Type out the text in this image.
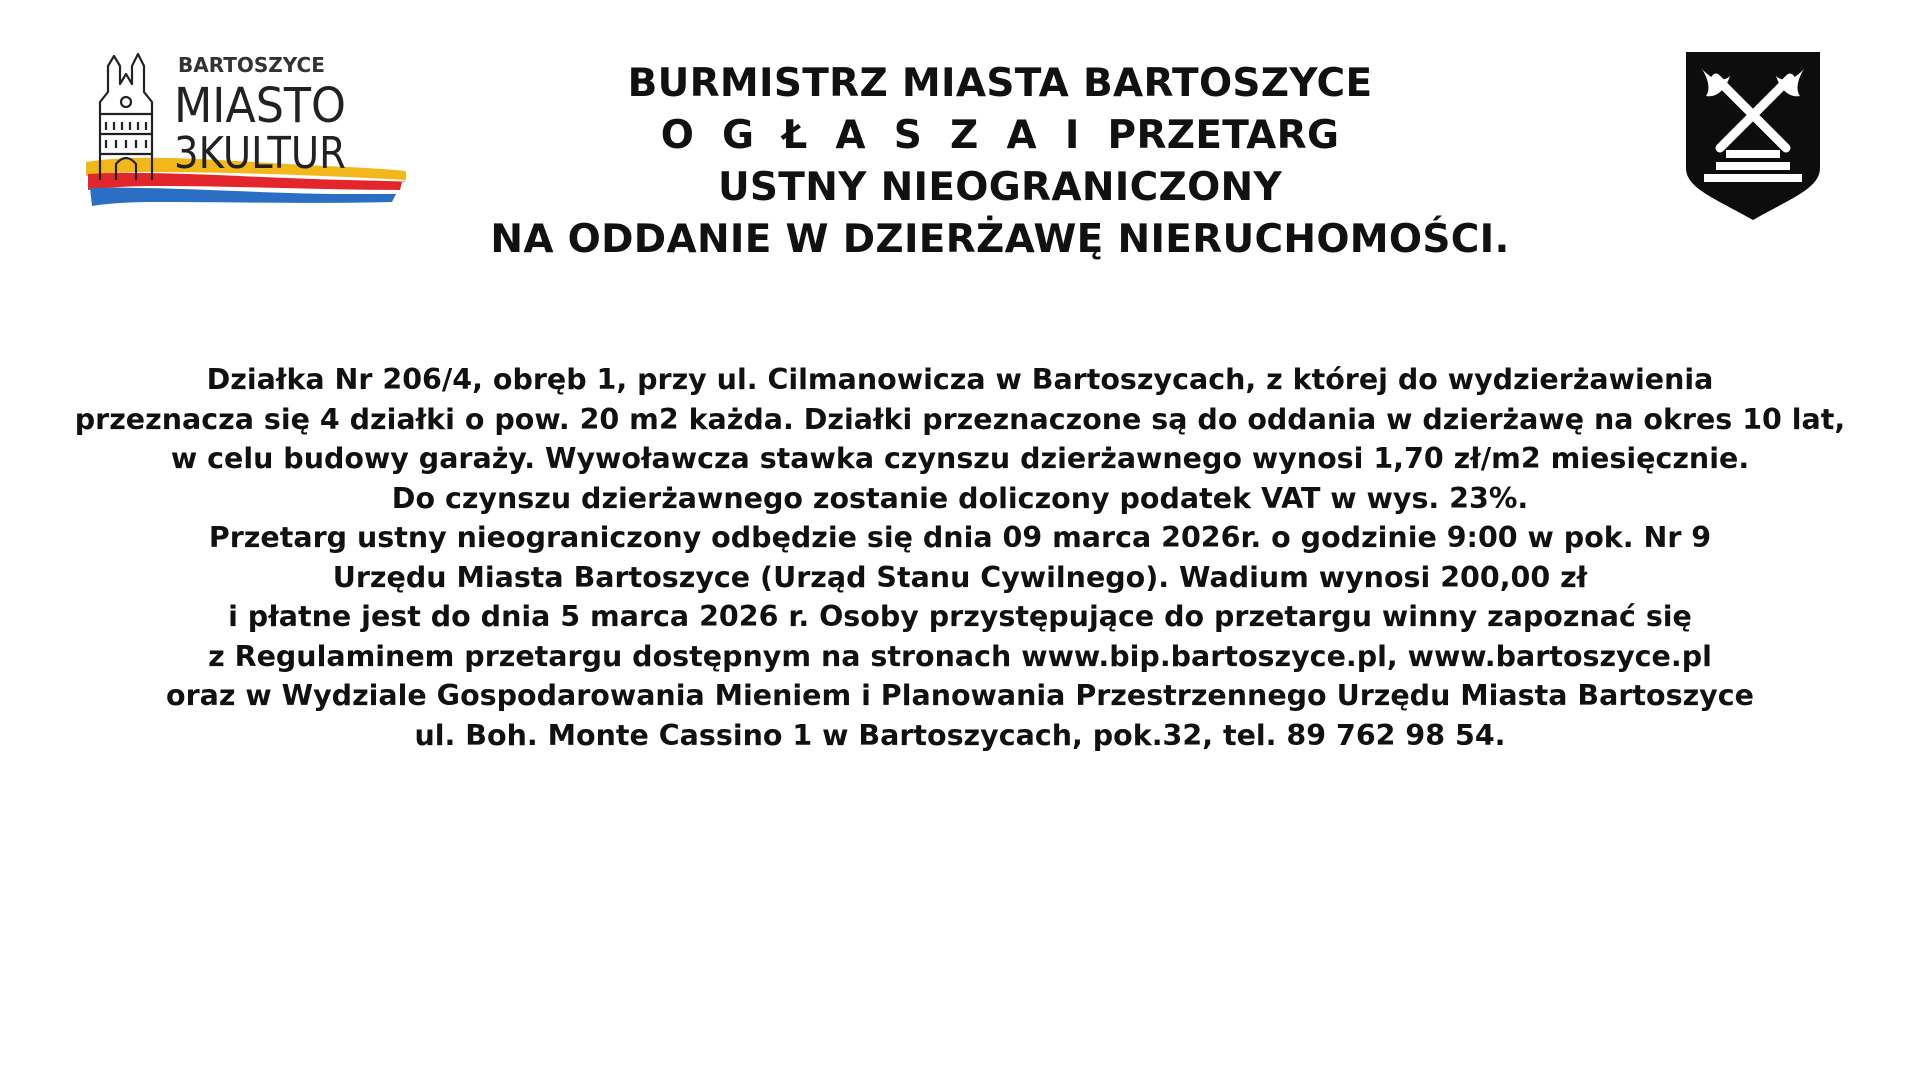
BARTOSZYCE
MIASTO
3KULTUR
BURMISTRZ MIASTA BARTOSZYCE
O G Ł A S Z A I PRZETARG
USTNY NIEOGRANICZONY
NA ODDANIE W DZIERŻAWĘ NIERUCHOMOŚCI.
Działka Nr 206/4, obręb 1, przy ul. Cilmanowicza w Bartoszycach, z której do wydzierżawienia
przeznacza się 4 działki o pow. 20 m2 każda. Działki przeznaczone są do oddania w dzierżawę na okres 10 lat,
w celu budowy garaży. Wywoławcza stawka czynszu dzierżawnego wynosi 1,70 zł/m2 miesięcznie.
Do czynszu dzierżawnego zostanie doliczony podatek VAT w wys. 23%.
Przetarg ustny nieograniczony odbędzie się dnia 09 marca 2026r. o godzinie 9:00 w pok. Nr 9
Urzędu Miasta Bartoszyce (Urząd Stanu Cywilnego). Wadium wynosi 200,00 zł
i płatne jest do dnia 5 marca 2026 r. Osoby przystępujące do przetargu winny zapoznać się
z Regulaminem przetargu dostępnym na stronach www.bip.bartoszyce.pl, www.bartoszyce.pl
oraz w Wydziale Gospodarowania Mieniem i Planowania Przestrzennego Urzędu Miasta Bartoszyce
ul. Boh. Monte Cassino 1 w Bartoszycach, pok.32, tel. 89 762 98 54.
